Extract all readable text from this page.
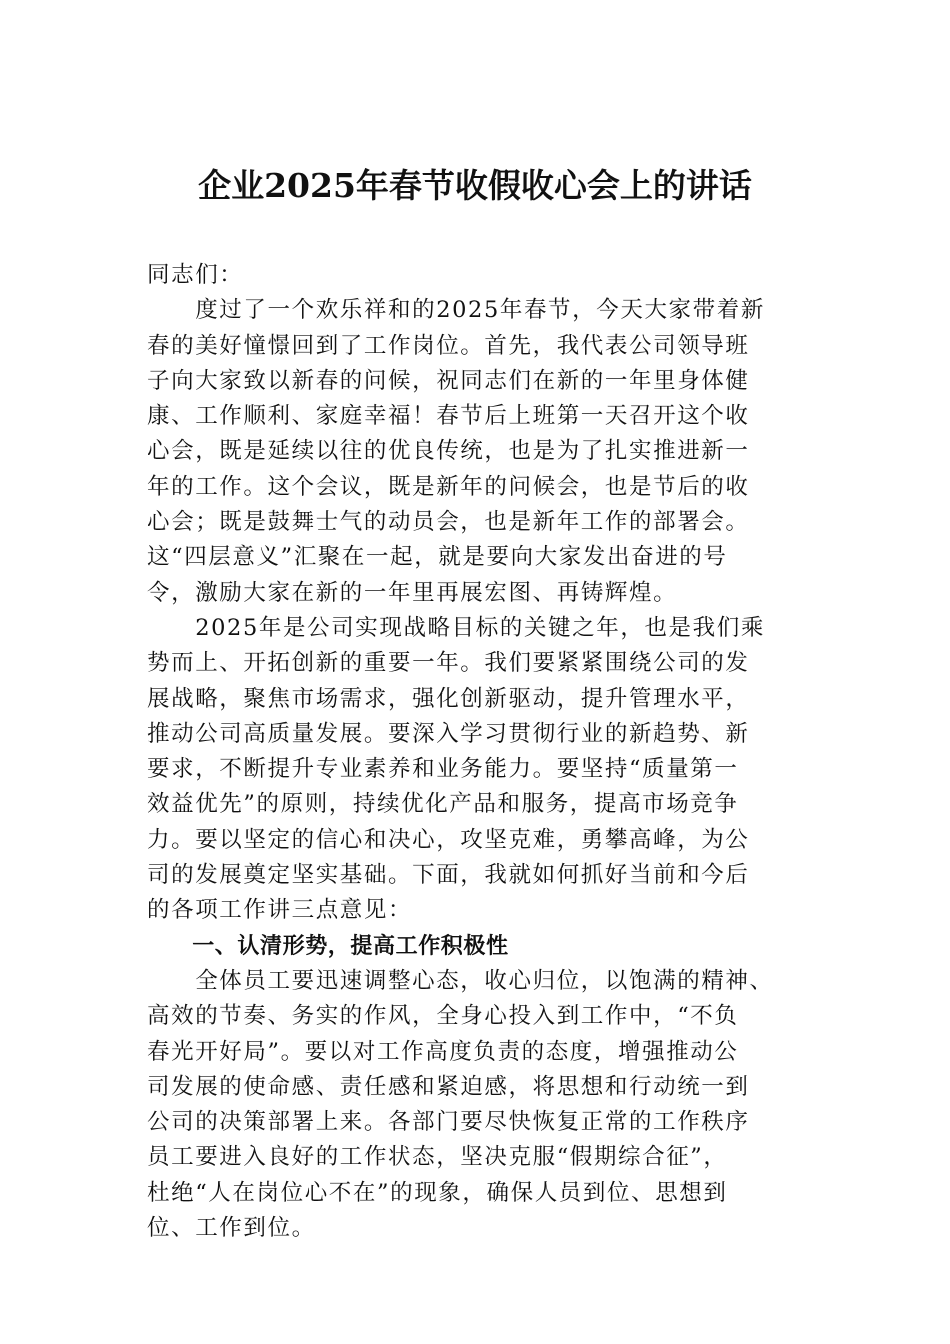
企业2025年春节收假收心会上的讲话
同志们：
　　度过了一个欢乐祥和的2025年春节，今天大家带着新
春的美好憧憬回到了工作岗位。首先，我代表公司领导班
子向大家致以新春的问候，祝同志们在新的一年里身体健
康、工作顺利、家庭幸福！春节后上班第一天召开这个收
心会，既是延续以往的优良传统，也是为了扎实推进新一
年的工作。这个会议，既是新年的问候会，也是节后的收
心会；既是鼓舞士气的动员会，也是新年工作的部署会。
这“四层意义”汇聚在一起，就是要向大家发出奋进的号
令，激励大家在新的一年里再展宏图、再铸辉煌。
　　2025年是公司实现战略目标的关键之年，也是我们乘
势而上、开拓创新的重要一年。我们要紧紧围绕公司的发
展战略，聚焦市场需求，强化创新驱动，提升管理水平，
推动公司高质量发展。要深入学习贯彻行业的新趋势、新
要求，不断提升专业素养和业务能力。要坚持“质量第一
效益优先”的原则，持续优化产品和服务，提高市场竞争
力。要以坚定的信心和决心，攻坚克难，勇攀高峰，为公
司的发展奠定坚实基础。下面，我就如何抓好当前和今后
的各项工作讲三点意见：
　　一、认清形势，提高工作积极性
　　全体员工要迅速调整心态，收心归位，以饱满的精神、
高效的节奏、务实的作风，全身心投入到工作中，“不负
春光开好局”。要以对工作高度负责的态度，增强推动公
司发展的使命感、责任感和紧迫感，将思想和行动统一到
公司的决策部署上来。各部门要尽快恢复正常的工作秩序
员工要进入良好的工作状态，坚决克服“假期综合征”，
杜绝“人在岗位心不在”的现象，确保人员到位、思想到
位、工作到位。
